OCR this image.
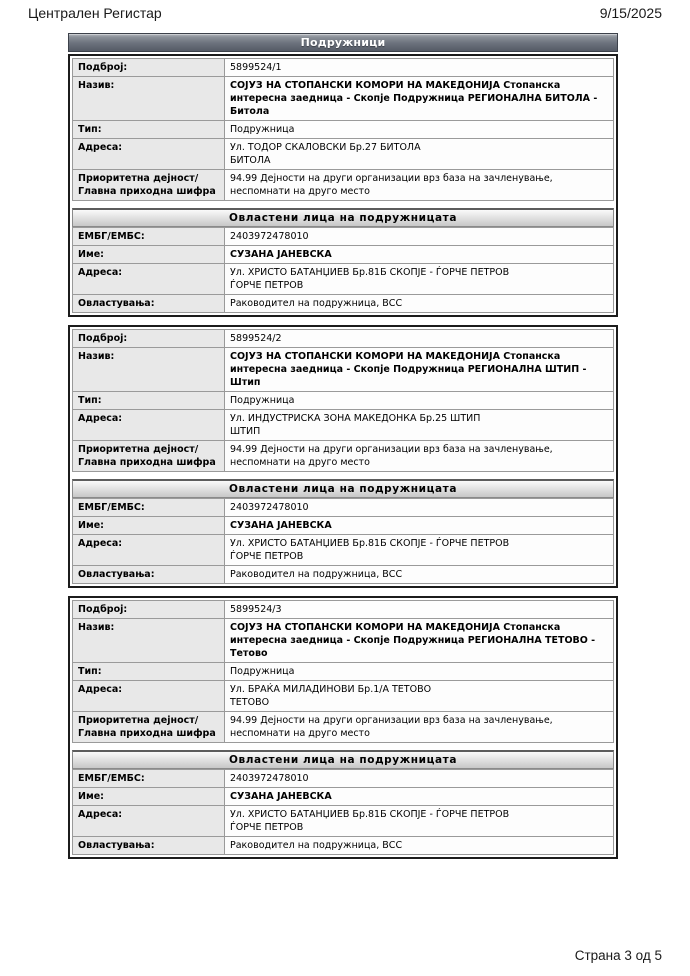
Централен Регистар	9/15/2025
Подружници
Подброј:	5899524/1
Назив:	СОЈУЗ НА СТОПАНСКИ КОМОРИ НА МАКЕДОНИЈА Стопанска интересна заедница - Скопје Подружница РЕГИОНАЛНА БИТОЛА - Битола
Тип:	Подружница
Адреса:	Ул. ТОДОР СКАЛОВСКИ Бр.27 БИТОЛА
БИТОЛА

Приоритетна дејност/
Главна приходна шифра	94.99 Дејности на други организации врз база на зачленување, неспомнати на друго место
Овластени лица на подружницата
ЕМБГ/ЕМБС:	2403972478010
Име:	СУЗАНА ЈАНЕВСКА
Адреса:	Ул. ХРИСТО БАТАНЏИЕВ Бр.81Б СКОПЈЕ - ЃОРЧЕ ПЕТРОВ
ЃОРЧЕ ПЕТРОВ

Овластувања:	Раководител на подружница, ВСС
Подброј:	5899524/2
Назив:	СОЈУЗ НА СТОПАНСКИ КОМОРИ НА МАКЕДОНИЈА Стопанска интересна заедница - Скопје Подружница РЕГИОНАЛНА ШТИП - Штип
Тип:	Подружница
Адреса:	Ул. ИНДУСТРИСКА ЗОНА МАКЕДОНКА Бр.25 ШТИП
ШТИП

Приоритетна дејност/
Главна приходна шифра	94.99 Дејности на други организации врз база на зачленување, неспомнати на друго место
Овластени лица на подружницата
ЕМБГ/ЕМБС:	2403972478010
Име:	СУЗАНА ЈАНЕВСКА
Адреса:	Ул. ХРИСТО БАТАНЏИЕВ Бр.81Б СКОПЈЕ - ЃОРЧЕ ПЕТРОВ
ЃОРЧЕ ПЕТРОВ

Овластувања:	Раководител на подружница, ВСС
Подброј:	5899524/3
Назив:	СОЈУЗ НА СТОПАНСКИ КОМОРИ НА МАКЕДОНИЈА Стопанска интересна заедница - Скопје Подружница РЕГИОНАЛНА ТЕТОВО - Тетово
Тип:	Подружница
Адреса:	Ул. БРАЌА МИЛАДИНОВИ Бр.1/А ТЕТОВО
ТЕТОВО

Приоритетна дејност/
Главна приходна шифра	94.99 Дејности на други организации врз база на зачленување, неспомнати на друго место
Овластени лица на подружницата
ЕМБГ/ЕМБС:	2403972478010
Име:	СУЗАНА ЈАНЕВСКА
Адреса:	Ул. ХРИСТО БАТАНЏИЕВ Бр.81Б СКОПЈЕ - ЃОРЧЕ ПЕТРОВ
ЃОРЧЕ ПЕТРОВ

Овластувања:	Раководител на подружница, ВСС
Страна 3 од 5
